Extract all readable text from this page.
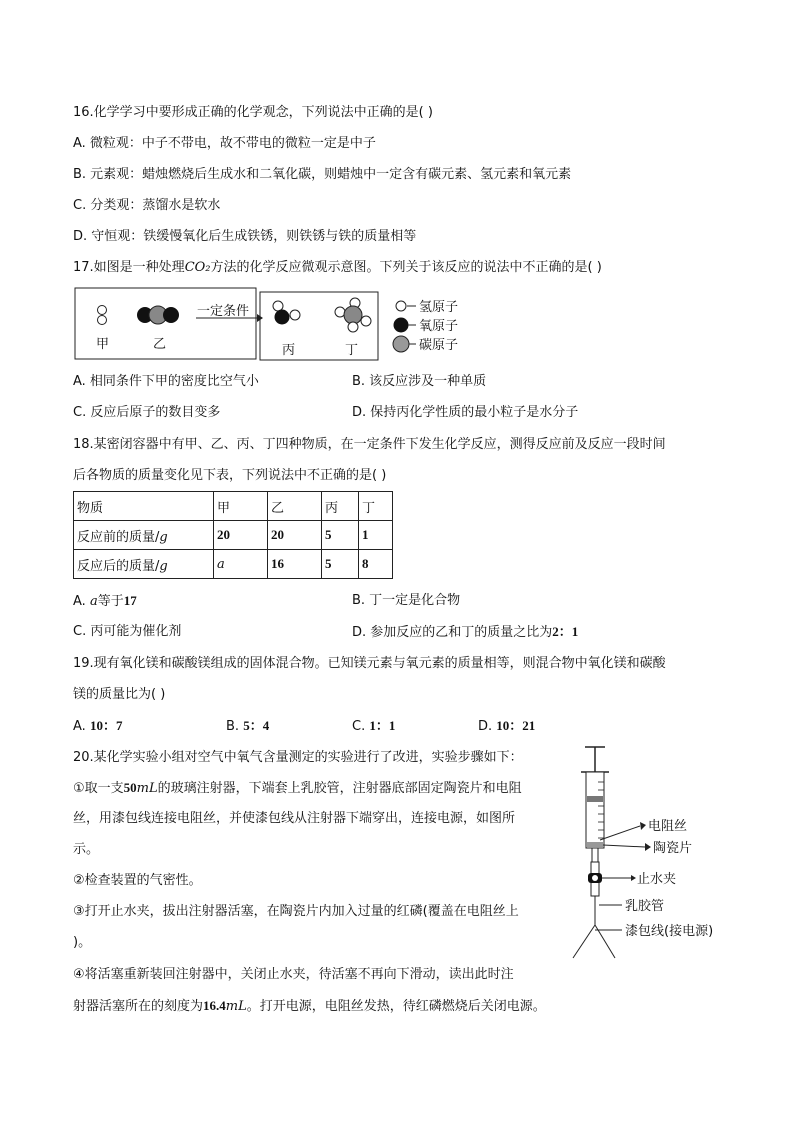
16.化学学习中要形成正确的化学观念，下列说法中正确的是( )
A. 微粒观：中子不带电，故不带电的微粒一定是中子
B. 元素观：蜡烛燃烧后生成水和二氧化碳，则蜡烛中一定含有碳元素、氢元素和氧元素
C. 分类观：蒸馏水是软水
D. 守恒观：铁缓慢氧化后生成铁锈，则铁锈与铁的质量相等
17.如图是一种处理CO₂方法的化学反应微观示意图。下列关于该反应的说法中不正确的是( )
甲	乙
一定条件
丙	丁
氢原子
氧原子
碳原子
A. 相同条件下甲的密度比空气小	B. 该反应涉及一种单质
C. 反应后原子的数目变多	D. 保持丙化学性质的最小粒子是水分子
18.某密闭容器中有甲、乙、丙、丁四种物质，在一定条件下发生化学反应，测得反应前及反应一段时间
后各物质的质量变化见下表，下列说法中不正确的是( )
物质	甲	乙	丙	丁
反应前的质量/g	20	20	5	1
反应后的质量/g	a	16	5	8
A. a等于17	B. 丁一定是化合物
C. 丙可能为催化剂	D. 参加反应的乙和丁的质量之比为2：1
19.现有氧化镁和碳酸镁组成的固体混合物。已知镁元素与氧元素的质量相等，则混合物中氧化镁和碳酸
镁的质量比为( )
A. 10：7	B. 5：4	C. 1：1	D. 10：21
20.某化学实验小组对空气中氧气含量测定的实验进行了改进，实验步骤如下：
①取一支50mL的玻璃注射器，下端套上乳胶管，注射器底部固定陶瓷片和电阻
丝，用漆包线连接电阻丝，并使漆包线从注射器下端穿出，连接电源，如图所
示。
②检查装置的气密性。
③打开止水夹，拔出注射器活塞，在陶瓷片内加入过量的红磷(覆盖在电阻丝上
)。
④将活塞重新装回注射器中，关闭止水夹，待活塞不再向下滑动，读出此时注
射器活塞所在的刻度为16.4mL。打开电源，电阻丝发热，待红磷燃烧后关闭电源。
电阻丝
陶瓷片
止水夹
乳胶管
漆包线(接电源)
